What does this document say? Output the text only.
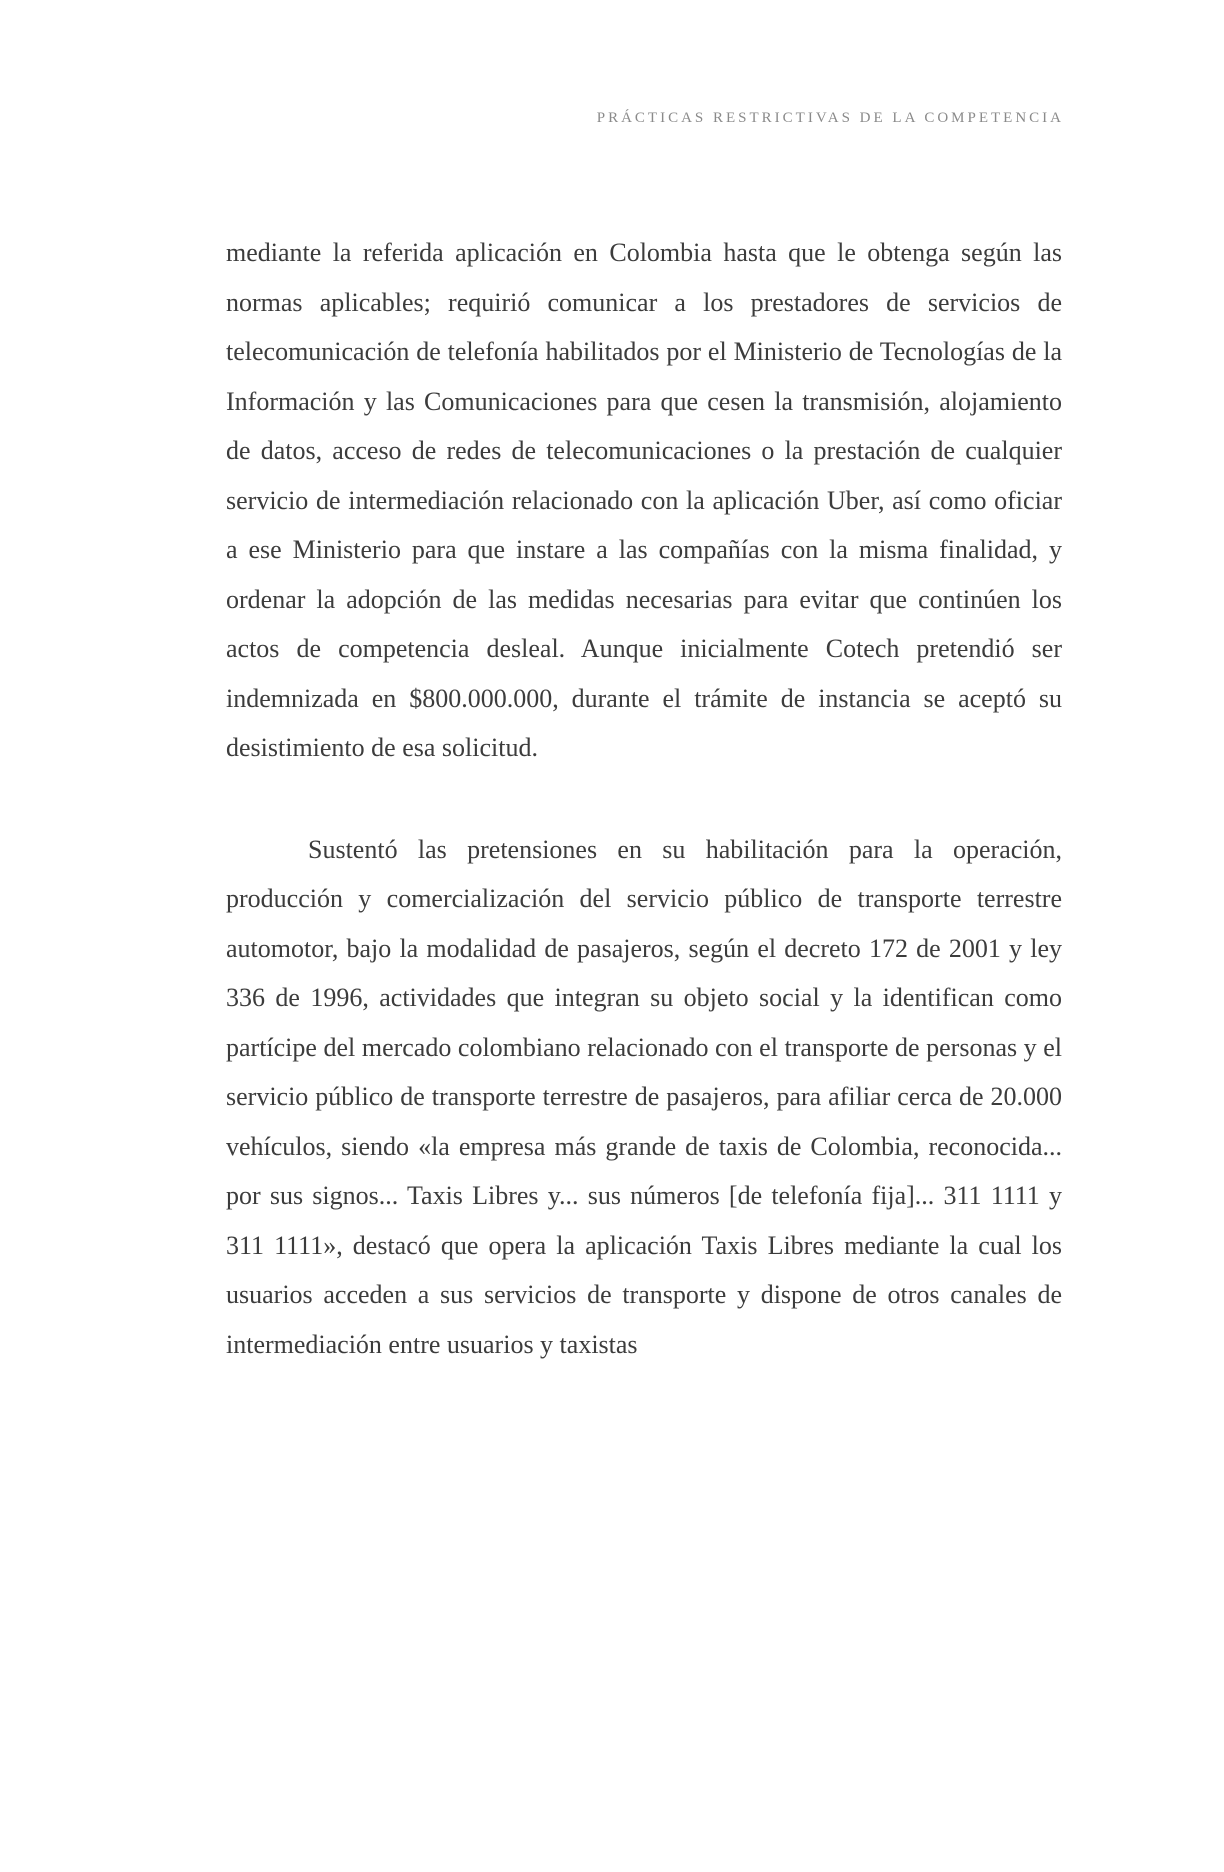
PRÁCTICAS RESTRICTIVAS DE LA COMPETENCIA

mediante la referida aplicación en Colombia hasta que le obtenga según las normas aplicables; requirió comunicar a los prestadores de servicios de telecomunicación de telefonía habilitados por el Ministerio de Tecnologías de la Información y las Comunicaciones para que cesen la transmisión, alojamiento de datos, acceso de redes de telecomunicaciones o la prestación de cualquier servicio de intermediación relacionado con la aplicación Uber, así como oficiar a ese Ministerio para que instare a las compañías con la misma finalidad, y ordenar la adopción de las medidas necesarias para evitar que continúen los actos de competencia desleal. Aunque inicialmente Cotech pretendió ser indemnizada en $800.000.000, durante el trámite de instancia se aceptó su desistimiento de esa solicitud.

Sustentó las pretensiones en su habilitación para la operación, producción y comercialización del servicio público de transporte terrestre automotor, bajo la modalidad de pasajeros, según el decreto 172 de 2001 y ley 336 de 1996, actividades que integran su objeto social y la identifican como partícipe del mercado colombiano relacionado con el transporte de personas y el servicio público de transporte terrestre de pasajeros, para afiliar cerca de 20.000 vehículos, siendo «la empresa más grande de taxis de Colombia, reconocida... por sus signos... Taxis Libres y... sus números [de telefonía fija]... 311 1111 y 311 1111», destacó que opera la aplicación Taxis Libres mediante la cual los usuarios acceden a sus servicios de transporte y dispone de otros canales de intermediación entre usuarios y taxistas
